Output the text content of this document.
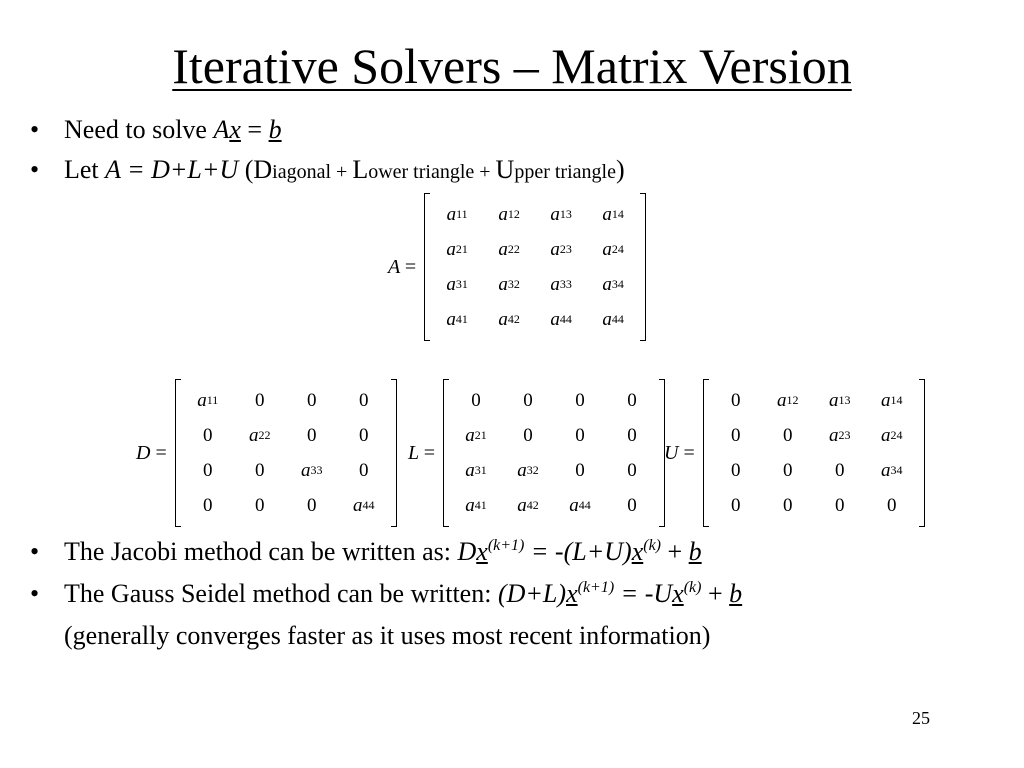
Iterative Solvers – Matrix Version
• Need to solve Ax = b
• Let A = D+L+U (Diagonal + Lower triangle + Upper triangle)
A =
a 11 a 12 a 13 a 14
a 21 a 22 a 23 a 24
a 31 a 32 a 33 a 34
a 41 a 42 a 44 a 44
D =
a 11 0 0 0
0 a 22 0 0
0 0 a 33 0
0 0 0 a 44
L =
0 0 0 0
a 21 0 0 0
a 31 a 32 0 0
a 41 a 42 a 44 0
U =
0 a 12 a 13 a 14
0 0 a 23 a 24
0 0 0 a 34
0 0 0 0
• The Jacobi method can be written as: $Dx^{(k+1)} = -(L+U)x^{(k)} + b$
• The Gauss Seidel method can be written: $(D+L)x^{(k+1)} = -Ux^{(k)} + b$
(generally converges faster as it uses most recent information)
25
